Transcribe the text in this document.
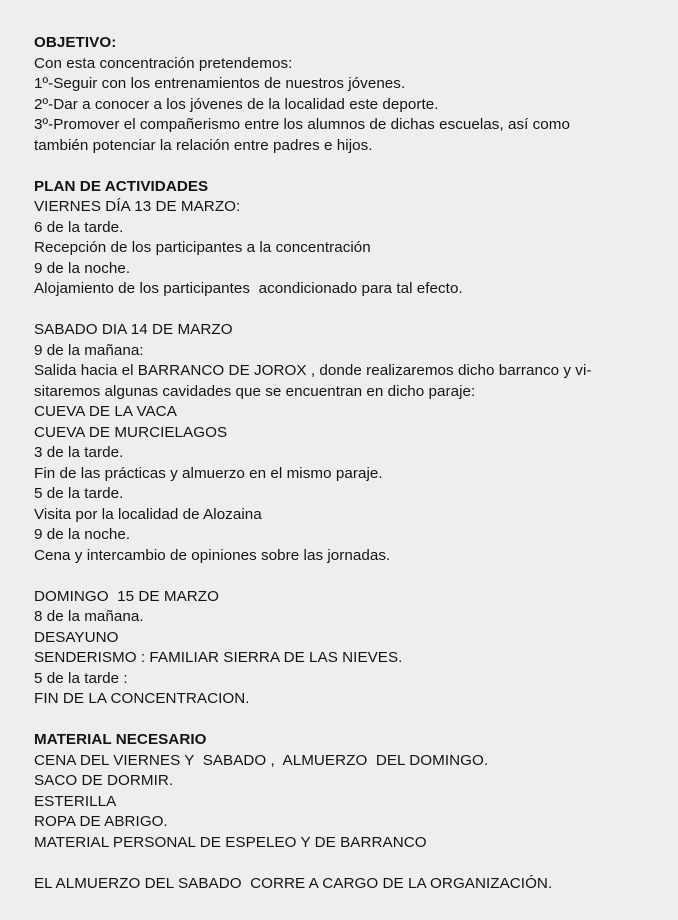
OBJETIVO:
Con esta concentración pretendemos:
1º-Seguir con los entrenamientos de nuestros jóvenes.
2º-Dar a conocer a los jóvenes de la localidad este deporte.
3º-Promover el compañerismo entre los alumnos de dichas escuelas, así como
también potenciar la relación entre padres e hijos.
PLAN DE ACTIVIDADES
VIERNES DÍA 13 DE MARZO:
6 de la tarde.
Recepción de los participantes a la concentración
9 de la noche.
Alojamiento de los participantes  acondicionado para tal efecto.
SABADO DIA 14 DE MARZO
9 de la mañana:
Salida hacia el BARRANCO DE JOROX , donde realizaremos dicho barranco y vi-
sitaremos algunas cavidades que se encuentran en dicho paraje:
CUEVA DE LA VACA
CUEVA DE MURCIELAGOS
3 de la tarde.
Fin de las prácticas y almuerzo en el mismo paraje.
5 de la tarde.
Visita por la localidad de Alozaina
9 de la noche.
Cena y intercambio de opiniones sobre las jornadas.
DOMINGO  15 DE MARZO
8 de la mañana.
DESAYUNO
SENDERISMO : FAMILIAR SIERRA DE LAS NIEVES.
5 de la tarde :
FIN DE LA CONCENTRACION.
MATERIAL NECESARIO
CENA DEL VIERNES Y  SABADO ,  ALMUERZO  DEL DOMINGO.
SACO DE DORMIR.
ESTERILLA
ROPA DE ABRIGO.
MATERIAL PERSONAL DE ESPELEO Y DE BARRANCO
EL ALMUERZO DEL SABADO  CORRE A CARGO DE LA ORGANIZACIÓN.
